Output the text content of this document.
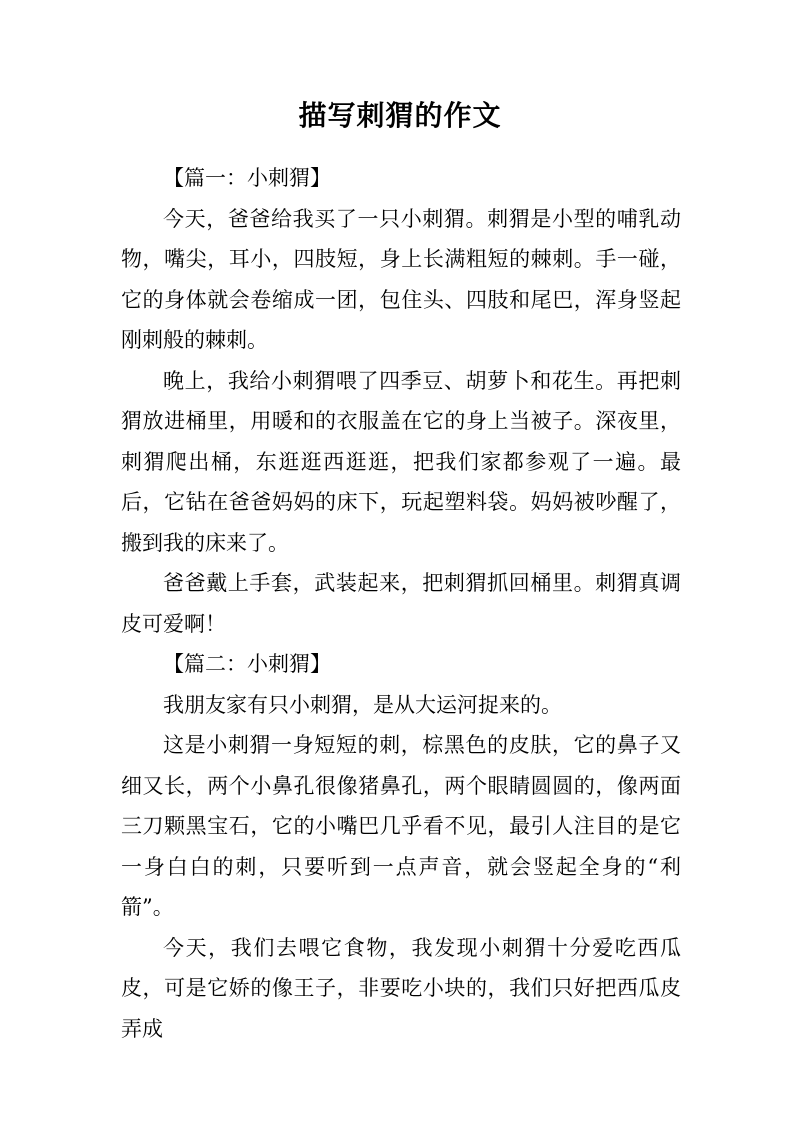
描写刺猬的作文

【篇一：小刺猬】

今天，爸爸给我买了一只小刺猬。刺猬是小型的哺乳动物，嘴尖，耳小，四肢短，身上长满粗短的棘刺。手一碰，它的身体就会卷缩成一团，包住头、四肢和尾巴，浑身竖起刚刺般的棘刺。

晚上，我给小刺猬喂了四季豆、胡萝卜和花生。再把刺猬放进桶里，用暖和的衣服盖在它的身上当被子。深夜里，刺猬爬出桶，东逛逛西逛逛，把我们家都参观了一遍。最后，它钻在爸爸妈妈的床下，玩起塑料袋。妈妈被吵醒了，搬到我的床来了。

爸爸戴上手套，武装起来，把刺猬抓回桶里。刺猬真调皮可爱啊！

【篇二：小刺猬】

我朋友家有只小刺猬，是从大运河捉来的。

这是小刺猬一身短短的刺，棕黑色的皮肤，它的鼻子又细又长，两个小鼻孔很像猪鼻孔，两个眼睛圆圆的，像两面三刀颗黑宝石，它的小嘴巴几乎看不见，最引人注目的是它一身白白的刺，只要听到一点声音，就会竖起全身的“利箭”。

今天，我们去喂它食物，我发现小刺猬十分爱吃西瓜皮，可是它娇的像王子，非要吃小块的，我们只好把西瓜皮弄成
